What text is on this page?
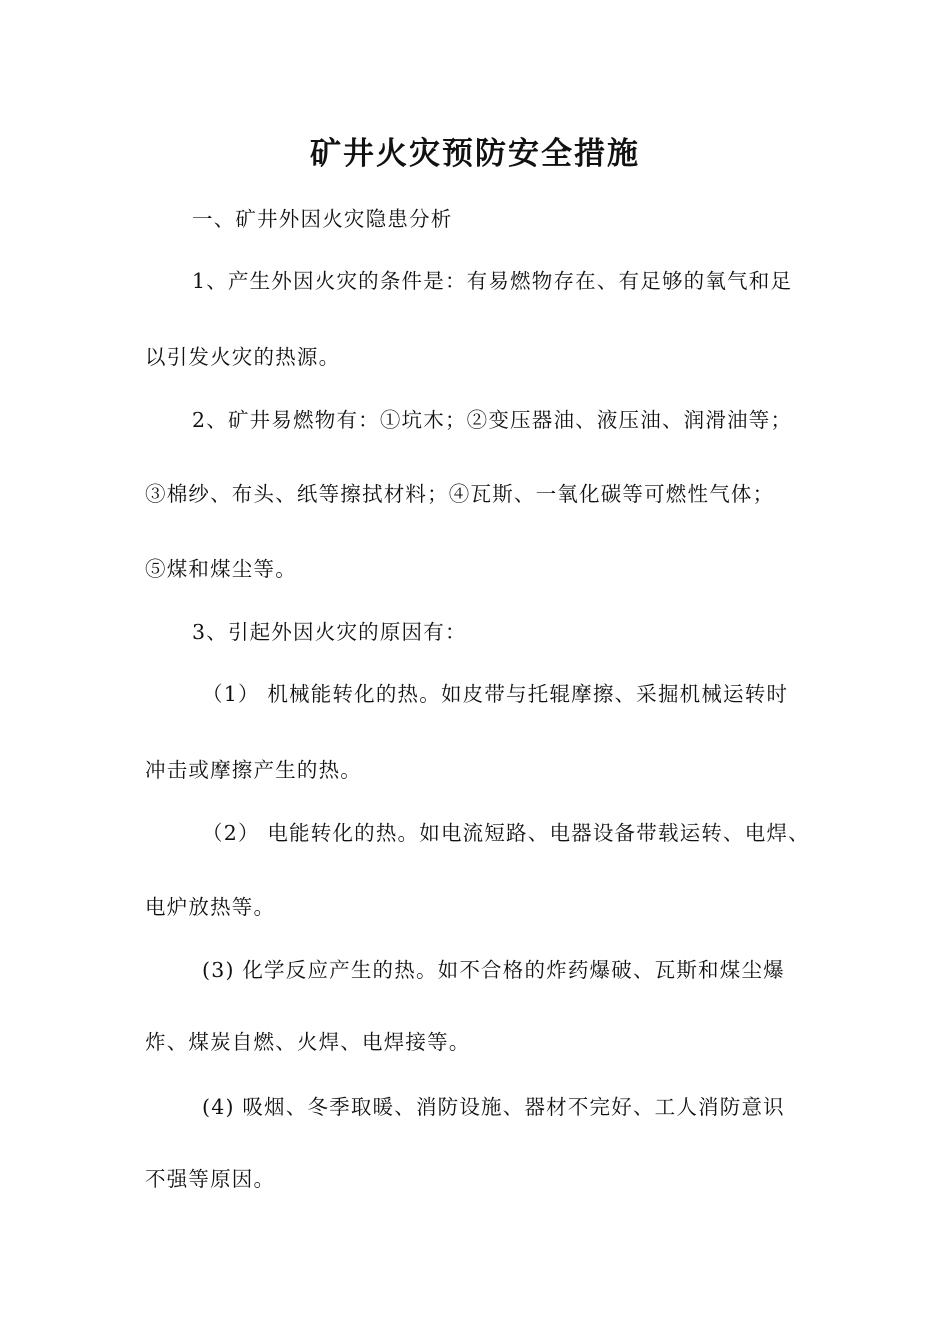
矿井火灾预防安全措施
一、矿井外因火灾隐患分析
1、产生外因火灾的条件是：有易燃物存在、有足够的氧气和足
以引发火灾的热源。
2、矿井易燃物有：①坑木；②变压器油、液压油、润滑油等；
③棉纱、布头、纸等擦拭材料；④瓦斯、一氧化碳等可燃性气体；
⑤煤和煤尘等。
3、引起外因火灾的原因有：
（1） 机械能转化的热。如皮带与托辊摩擦、采掘机械运转时
冲击或摩擦产生的热。
（2） 电能转化的热。如电流短路、电器设备带载运转、电焊、
电炉放热等。
(3) 化学反应产生的热。如不合格的炸药爆破、瓦斯和煤尘爆
炸、煤炭自燃、火焊、电焊接等。
(4) 吸烟、冬季取暖、消防设施、器材不完好、工人消防意识
不强等原因。
